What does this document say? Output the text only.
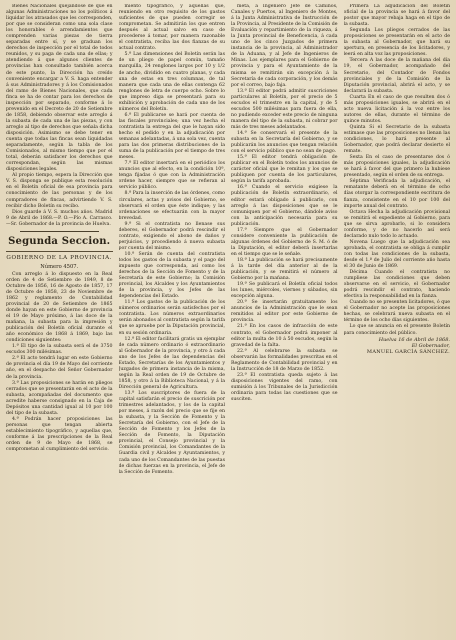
Bienes Nacionales quejándose de que en algunas Administraciones no los políticos á liquidar los atrasados que les corresponden, por que se consideran como una sola clase los honorables é arrendamientos que comprenden varias piezas de tierra separadas entre sí, y se graduan los derechos de inspección por el total de todos reunidos, y su paga de cada una de ellas; y atendiendo á que algunos clientes de provincias han consultado también acerca de este punto, la Dirección ha creído conveniente encargar a V. S. haga entender á sus Administradores y á los Comisionados del ramo de Bienes Nacionales, que cada finca se ha de contar para los derechos de inspección por separado, conforme á lo prevenido en el Decreto de 20 de Setiembre de 1858, debiendo observar este arreglo á la subasta de cada una de las piezas, y con arreglo al tipo de derechos que señala dicha disposición. Asimismo se debe tener en cuenta que todas las fincas sean liquidadas separadamente, según la tabla de los Comisionados, al mismo tiempo que por el total, deberán satisfacer los derechos que correspondan, según las mismas disposiciones legales.

Al propio tiempo, espera la Dirección que V. S. disponga se publique esta resolución en el Boletín oficial de esa provincia para conocimiento de las personas y de los compradores de fincas, advirtiendo V. S. recibir dicho Boletín su recibo.

Dios guarde á V. S. muchos años. Madrid 9 de Abril de 1868.—P. O.—Pío A. Carrasco.—Sr. Gobernador de la provincia de Huelva.

Segunda Seccion.
GOBIERNO DE LA PROVINCIA.
Número 4507.

Con arreglo á lo dispuesto en la Real orden de 4 de Setiembre de 1849, 8 de Octubre de 1856, 16 de Agosto de 1857, 17 de Octubre de 1858, 23 de Noviembre de 1862 y reglamento de Contabilidad provincial de 20 de Setiembre de 1865 donde hayan en este Gobierno de provincia el 19 de Mayo próximo, á las doce de la mañana, la subasta para la impresión y publicación del Boletín oficial durante el año económico de 1868 á 1869, bajo las condiciones siguientes:

1.ª El tipo de la subasta será el de 3750 escudos 300 milésimas.

2.ª El acto tendrá lugar en este Gobierno de provincia el día 19 de Mayo del corriente año, en el despacho del Señor Gobernador de la provincia.

3.ª Las proposiciones se harán en pliegos cerrados que se presentarán en el acto de la subasta, acompañadas del documento que acredite haberse consignado en la Caja de Depósitos una cantidad igual al 10 por 100 del tipo de la subasta.

4.ª Podrán hacer proposiciones las personas que tengan abierta establecimiento tipográfico, y aquellas que, conforme á las prescripciones de la Real orden de 9 de Mayo de 1868, se comprometan al cumplimiento del servicio.

miento tipográfico, y aquellas que, reuniendo en otro requisito de los gastos suficientes de que pueden corregir se comprometan. Se admitirán los que entren después al actual salvo en caso de procederse á tomar, por manera razonable el contratista, reciba las dos fianzas de su actual contrato.

5.ª Las dimensiones del Boletín serán las de un pliego de papel común, tamaño marquilla, 24 renglones largos por 10 y 1/2 de ancho, dividido en cuatro planas, y cada una de estas en tres columnas, de tal manera que cada una de ellas contenga 62 renglones de letra de cuerpo ocho. Sobre lo que impreso diga se presentará para su exhibición y aprobación de cada uno de los números del Boletín.

6.ª El publicarse se hará por cuenta de las fiscales provinciales; una vez hecha el contratista la entrega del que le hayan sido hecho el pedido y en la adjudicación por semanas adelantadas, á una sola vez, cuenta para las dos primeras distribuciones de la suma de la publicación por el tiempo de tres meses.

7.ª El editor insertará en el periódico los anuncios que al efecto, en la condición 10ª, tenga fijadas ó que con la Administración ordene hacer, siempre que se refieran al servicio público.

8.ª Para la inserción de las órdenes, como circulares, actas y avisos del Gobierno, se observará el orden que éste indique; y las ordenaciones se efectuarán con la mayor brevedad.

9.ª Si el contratista no llenase sus deberes, el Gobernador podrá rescindir el contrato, exigiendo el abono de daños y perjuicios, y procediendo á nueva subasta por cuenta del mismo.

10.ª Serán de cuenta del contratista todos los gastos de la subasta y el pago del impuesto que corresponda, así como los derechos de la Sección de Fomento y de la Secretaría de este Gobierno; la Comisión provincial, los Alcaldes y los Ayuntamientos de la provincia, y los Jefes de las dependencias del Estado.

11.ª Los gastos de la publicación de los números ordinarios serán satisfechos por el contratista. Los números extraordinarios serán abonados al contratista según la tarifa que se apruebe por la Diputación provincial, en su sesión ordinaria.

12.ª El editor facilitará gratis un ejemplar de cada número ordinario ó extraordinario al Gobernador de la provincia, y otro á cada uno de los Jefes de las dependencias del Estado, Secretarías de los Ayuntamientos y Juzgados de primera instancia de la misma, según la Real orden de 19 de Octubre de 1858, y otro á la Biblioteca Nacional, y á la Dirección general de Agricultura.

13.ª Los suscriptores de fuera de la capital satisfarán el precio de suscrición por trimestres adelantados, y los de la capital por meses, á razón del precio que se fije en la subasta, y la Sección de Fomento y la Secretaría del Gobierno, con el Jefe de la Sección de Fomento y los Jefes de la Sección de Fomento, la Diputación provincial, el Consejo provincial y la Comisión provincial, los Comandantes de la Guardia civil y Alcaldes y Ayuntamientos, y cada uno de los Comandantes de las puestas de dichas fuerzas en la provincia, el Jefe de la Sección de Fomento.

meta, á Ingeniero Jefe de Caminos, Canales y Puertos, al Ingeniero de Montes, á la Junta Administrativa de Instrucción de la Provincia, al Presidente de la Comisión de Evaluación y repartimiento de la riqueza, á la Junta provincial de Beneficencia, á cada uno de los cinco Juzgados de primera instancia de la provincia, al Administrador de la Aduana, y al Jefe de Ingenieros de Minas. Los ejemplares para el Gobierno de provincia y para el Ayuntamiento de la misma se remitirán sin excepción á la Secretaría de cada corporación, y los demás por el correo, bajo faja.

13.ª El editor podrá admitir suscriciones particulares al Boletín, por el precio de 5 escudos el trimestre en la capital, y de 5 escudos 500 milésimas para fuera de ella, no pudiendo exceder este precio de ninguna manera del tipo de la subasta, ni cobrar por más de tres meses adelantados.

14.ª Se conservará el presente de la subasta en la Secretaría del Gobierno, y se publicarán los anuncios que tengan relación con el servicio público que no sean de pago.

15.ª El editor tendrá obligación de publicar en el Boletín todos los anuncios de carácter oficial que le remitan y los que se publiquen por cuenta de los particulares, según la tarifa aprobada.

16.ª Cuando el servicio exigiese la publicación de Boletín extraordinario, el editor estará obligado á publicarlo, con arreglo á las disposiciones que se le comuniquen por el Gobierno, dándole aviso con la anticipación necesaria para su publicación.

17.ª Siempre que el Gobernador considere conveniente la publicación de algunas órdenes del Gobierno de S. M. ó de la Diputación, el editor deberá insertarlas en el tiempo que se le señale.

18.ª La publicación se hará precisamente á la tarde del día anterior al de la publicación, y se remitirá el número al Gobierno por la mañana.

19.ª Se publicará el Boletín oficial todos los lunes, miércoles, viernes y sábados, sin excepción alguna.

20.ª Se insertarán gratuitamente los anuncios de la Administración que le sean remitidos al editor por este Gobierno de provincia.

21.ª En los casos de infracción de este contrato, el Gobernador podrá imponer al editor la multa de 10 á 50 escudos, según la gravedad de la falta.

22.ª Al celebrarse la subasta se observarán las formalidades prescritas en el Reglamento de Contabilidad provincial y en la Instrucción de 18 de Marzo de 1852.

23.ª El contratista queda sujeto á las disposiciones vigentes del ramo, con sumisión á los Tribunales de la Jurisdicción ordinaria para todas las cuestiones que se susciten.

Primera La adjudicación del Boletín oficial de la provincia se hará á favor del postor que mayor rebaja haga en el tipo de la subasta.

Segunda Los pliegos cerrados de las proposiciones se presentarán en el acto de la subasta al Gobernador, que hará su apertura, en presencia de los licitadores, y leerá en alta voz las proposiciones.

Tercera A las doce de la mañana del día 19, el Gobernador, acompañado del Secretario, del Contador de Fondos provinciales y de la Comisión de la Diputación provincial, abrirá el acto, y se declarará la subasta.

Cuarta En el caso de que resulten dos ó más proposiciones iguales, se abrirá en el acto nueva licitación á la voz entre los autores de ellas, durante el término de quince minutos.

Quinta Si el Secretario de la subasta estimase que las proposiciones no llenan las condiciones, lo hará presente al Gobernador, que podrá declarar desierto el remate.

Sexta En el caso de presentarse dos ó más proposiciones iguales, la adjudicación se hará á favor del que primero la hubiese presentado, según el orden de su entrega.

Séptima Verificada la adjudicación, el rematante deberá en el término de ocho días otorgar la correspondiente escritura de fianza, consistente en el 10 por 100 del importe anual del contrato.

Octava Hecha la adjudicación provisional se remitirá el expediente al Gobierno, para que se sirva aprobarlo, si lo considera conforme, y de no hacerlo así será declarado nulo todo lo actuado.

Novena Luego que la adjudicación sea aprobada, el contratista se obliga á cumplir con todas las condiciones de la subasta, desde el 1.º de Julio del corriente año hasta el 30 de Junio de 1869.

Décima Cuando el contratista no cumpliese las condiciones que deben observarse en el servicio, el Gobernador podrá rescindir el contrato, haciendo efectiva la responsabilidad en la fianza.

Cuando no se presenten licitadores, ó que el Gobernador no acepte las proposiciones hechas, se celebrará nueva subasta en el término de los ocho días siguientes.

Lo que se anuncia en el presente Boletín para conocimiento del público.

Huelva 16 de Abril de 1868.
El Gobernador,
MANUEL GARCÍA SÁNCHEZ.
